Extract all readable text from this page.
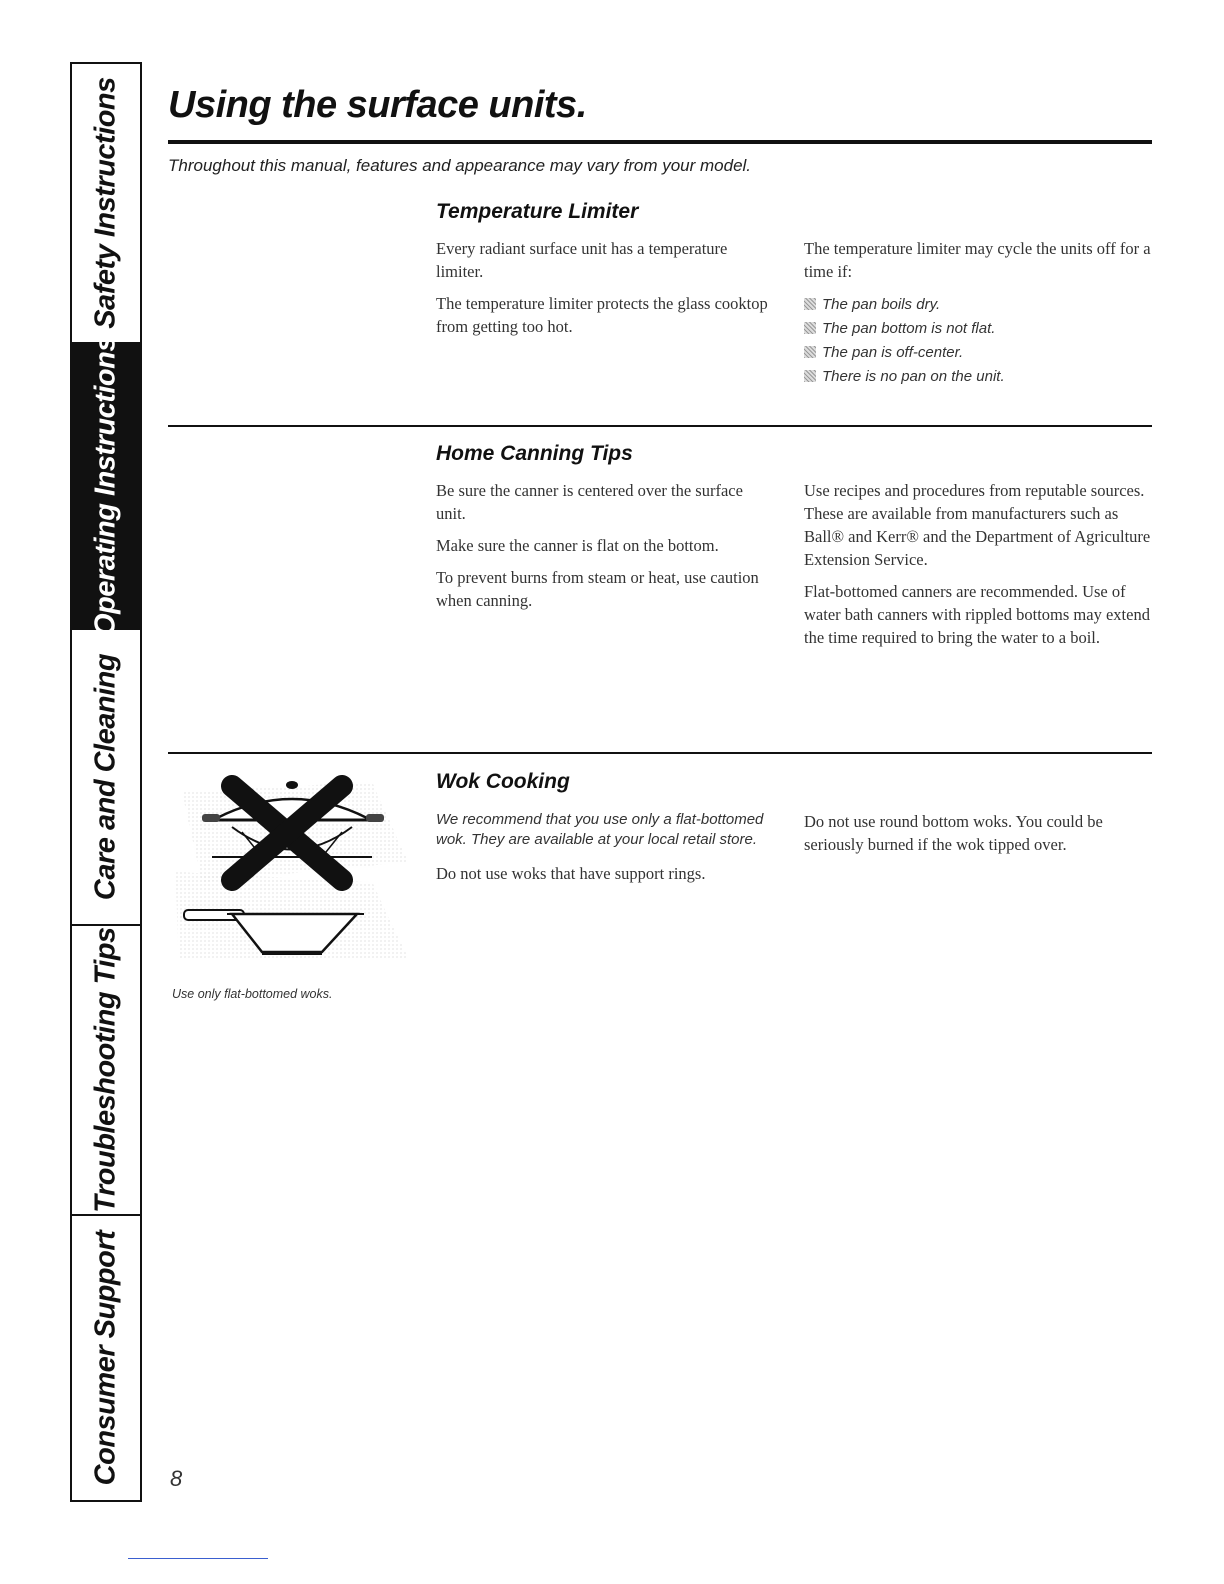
Safety Instructions
Operating Instructions
Care and Cleaning
Troubleshooting Tips
Consumer Support
Using the surface units.

Throughout this manual, features and appearance may vary from your model.

Temperature Limiter

Every radiant surface unit has a temperature limiter.

The temperature limiter protects the glass cooktop from getting too hot.

The temperature limiter may cycle the units off for a time if:

The pan boils dry.
The pan bottom is not flat.
The pan is off-center.
There is no pan on the unit.
Home Canning Tips

Be sure the canner is centered over the surface unit.

Make sure the canner is flat on the bottom.

To prevent burns from steam or heat, use caution when canning.

Use recipes and procedures from reputable sources. These are available from manufacturers such as Ball® and Kerr® and the Department of Agriculture Extension Service.

Flat-bottomed canners are recommended. Use of water bath canners with rippled bottoms may extend the time required to bring the water to a boil.

Wok Cooking

We recommend that you use only a flat-bottomed wok. They are available at your local retail store.

Do not use woks that have support rings.

Do not use round bottom woks. You could be seriously burned if the wok tipped over.

Use only flat-bottomed woks.

8
